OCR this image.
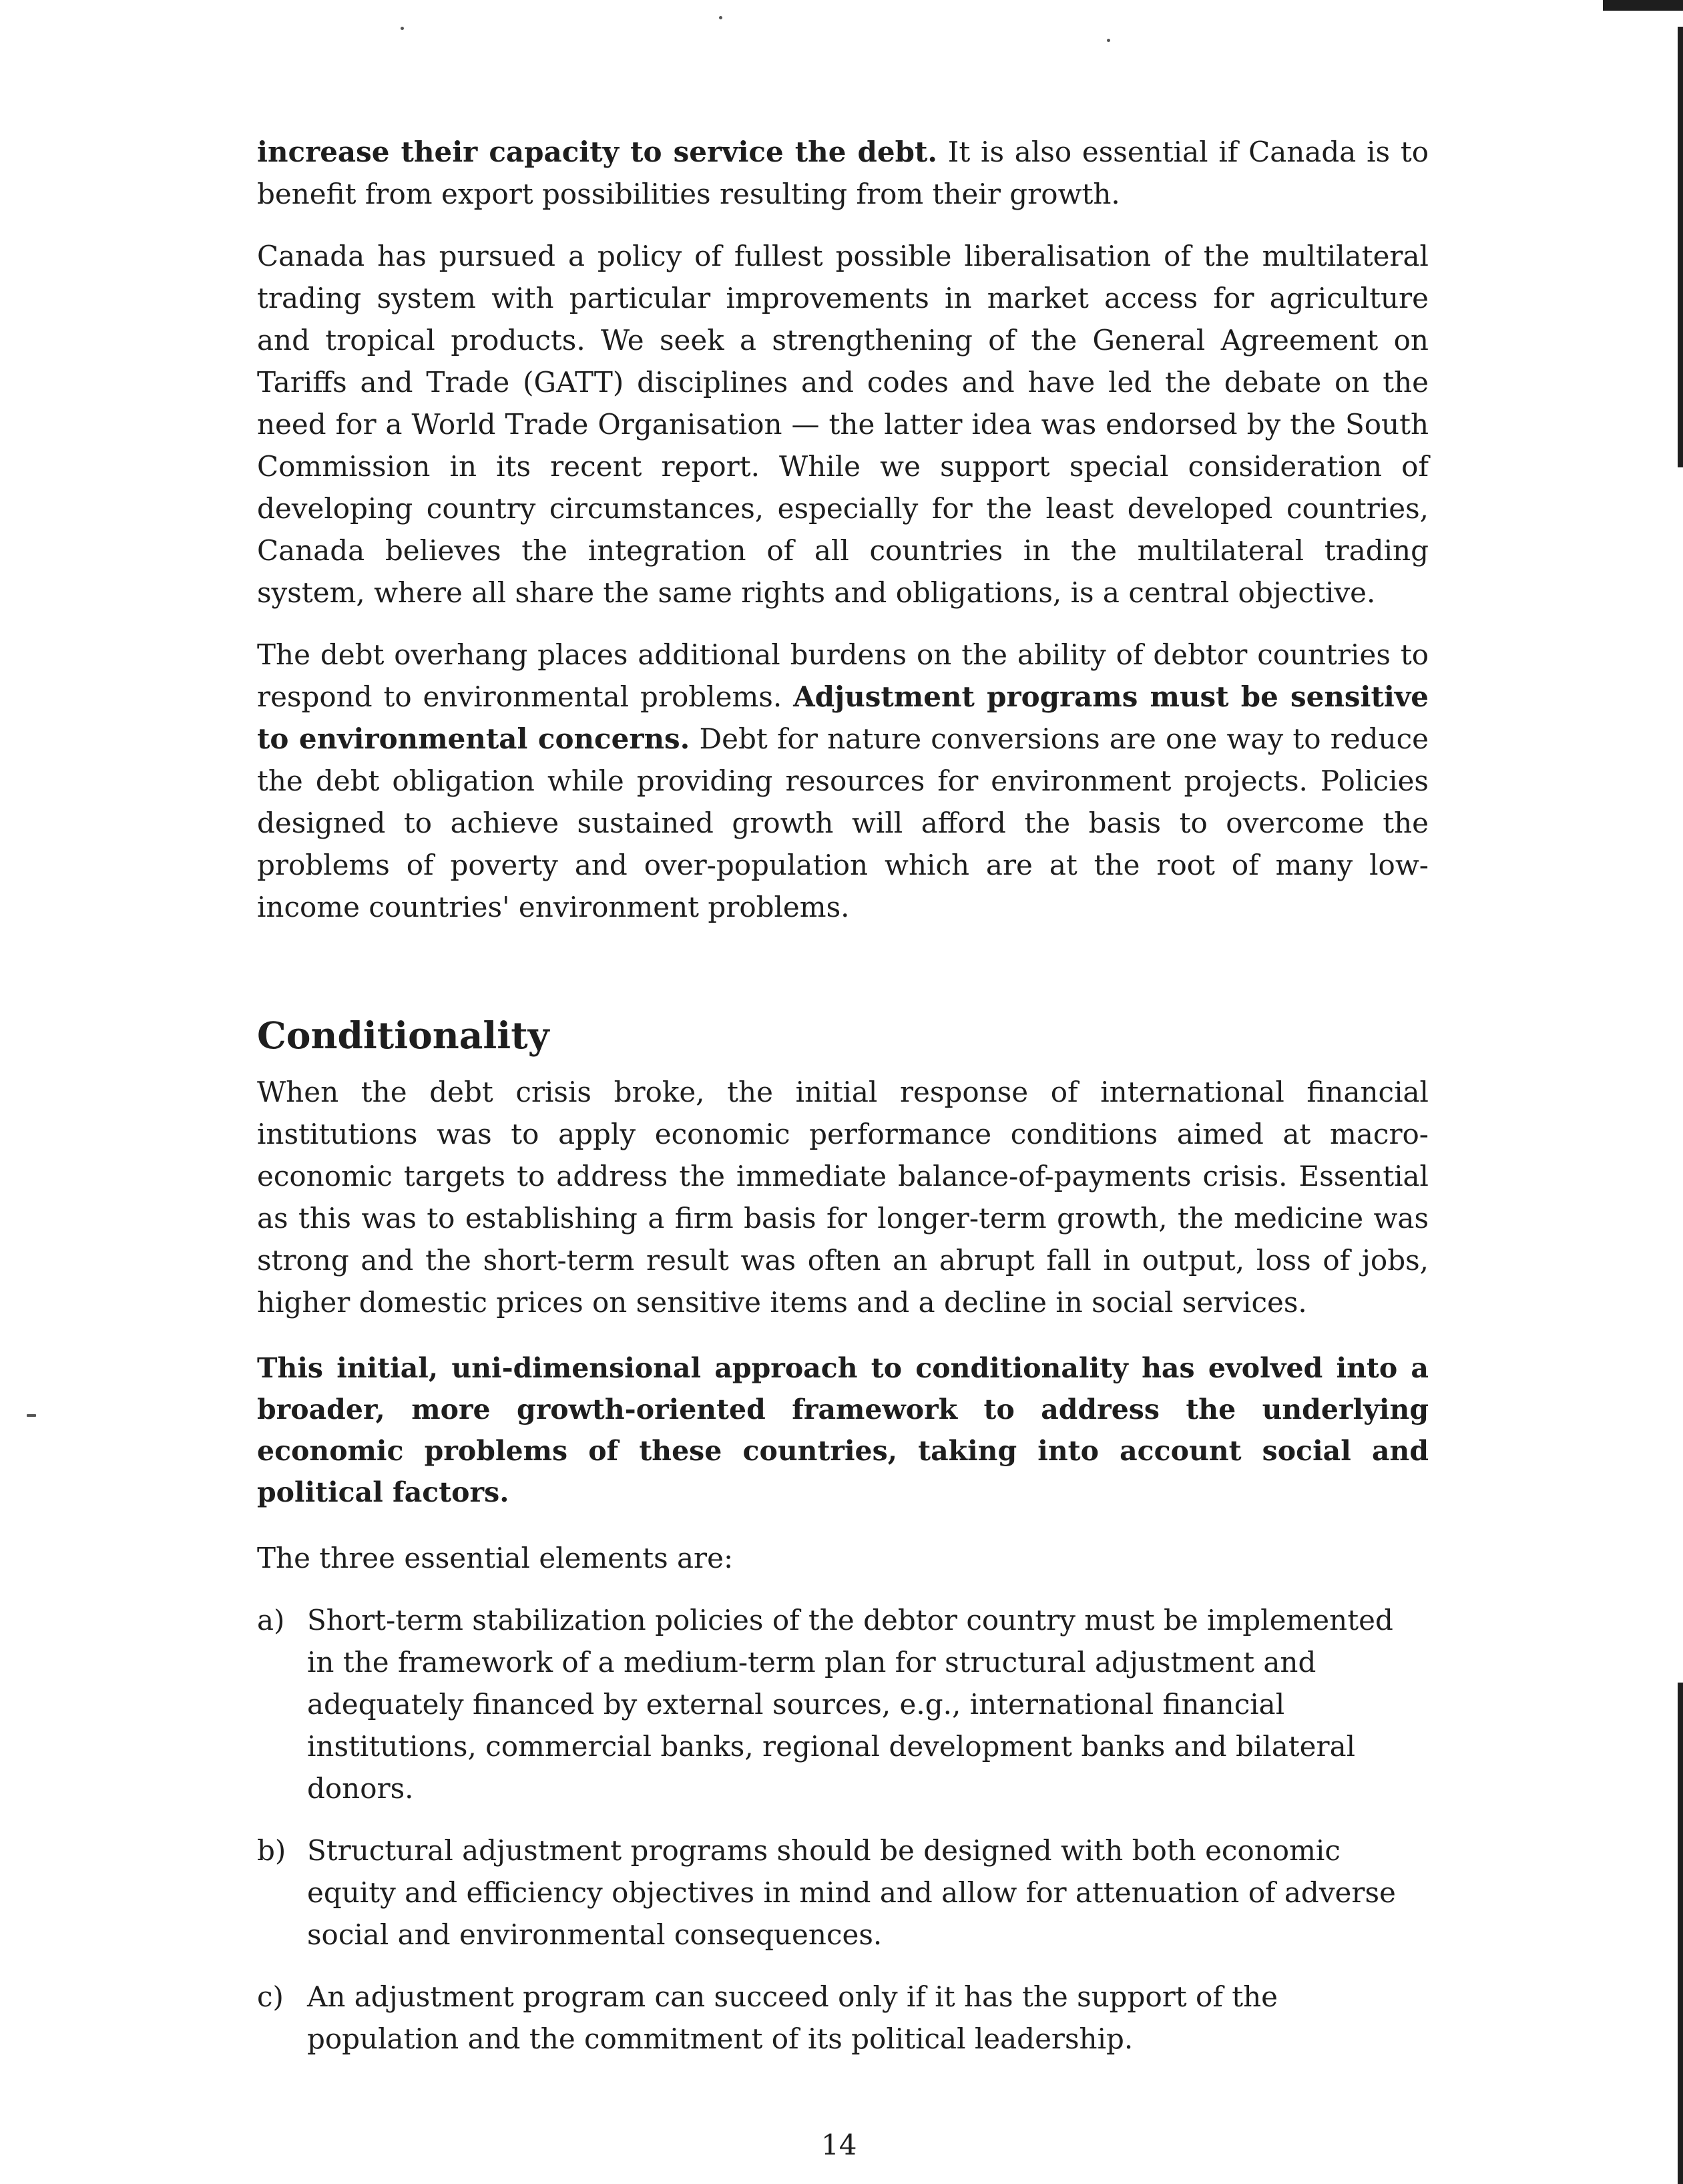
increase their capacity to service the debt. It is also essential if Canada is to benefit from export possibilities resulting from their growth.

Canada has pursued a policy of fullest possible liberalisation of the multilateral trading system with particular improvements in market access for agriculture and tropical products. We seek a strengthening of the General Agreement on Tariffs and Trade (GATT) disciplines and codes and have led the debate on the need for a World Trade Organisation — the latter idea was endorsed by the South Commission in its recent report. While we support special consideration of developing country circumstances, especially for the least developed countries, Canada believes the integration of all countries in the multilateral trading system, where all share the same rights and obligations, is a central objective.

The debt overhang places additional burdens on the ability of debtor countries to respond to environmental problems. Adjustment programs must be sensitive to environmental concerns. Debt for nature conversions are one way to reduce the debt obligation while providing resources for environment projects. Policies designed to achieve sustained growth will afford the basis to overcome the problems of poverty and over-population which are at the root of many low-income countries' environment problems.

Conditionality

When the debt crisis broke, the initial response of international financial institutions was to apply economic performance conditions aimed at macro-economic targets to address the immediate balance-of-payments crisis. Essential as this was to establishing a firm basis for longer-term growth, the medicine was strong and the short-term result was often an abrupt fall in output, loss of jobs, higher domestic prices on sensitive items and a decline in social services.

This initial, uni-dimensional approach to conditionality has evolved into a broader, more growth-oriented framework to address the underlying economic problems of these countries, taking into account social and political factors.

The three essential elements are:

a) Short-term stabilization policies of the debtor country must be implemented in the framework of a medium-term plan for structural adjustment and adequately financed by external sources, e.g., international financial institutions, commercial banks, regional development banks and bilateral donors.
b) Structural adjustment programs should be designed with both economic equity and efficiency objectives in mind and allow for attenuation of adverse social and environmental consequences.
c) An adjustment program can succeed only if it has the support of the population and the commitment of its political leadership.
14
